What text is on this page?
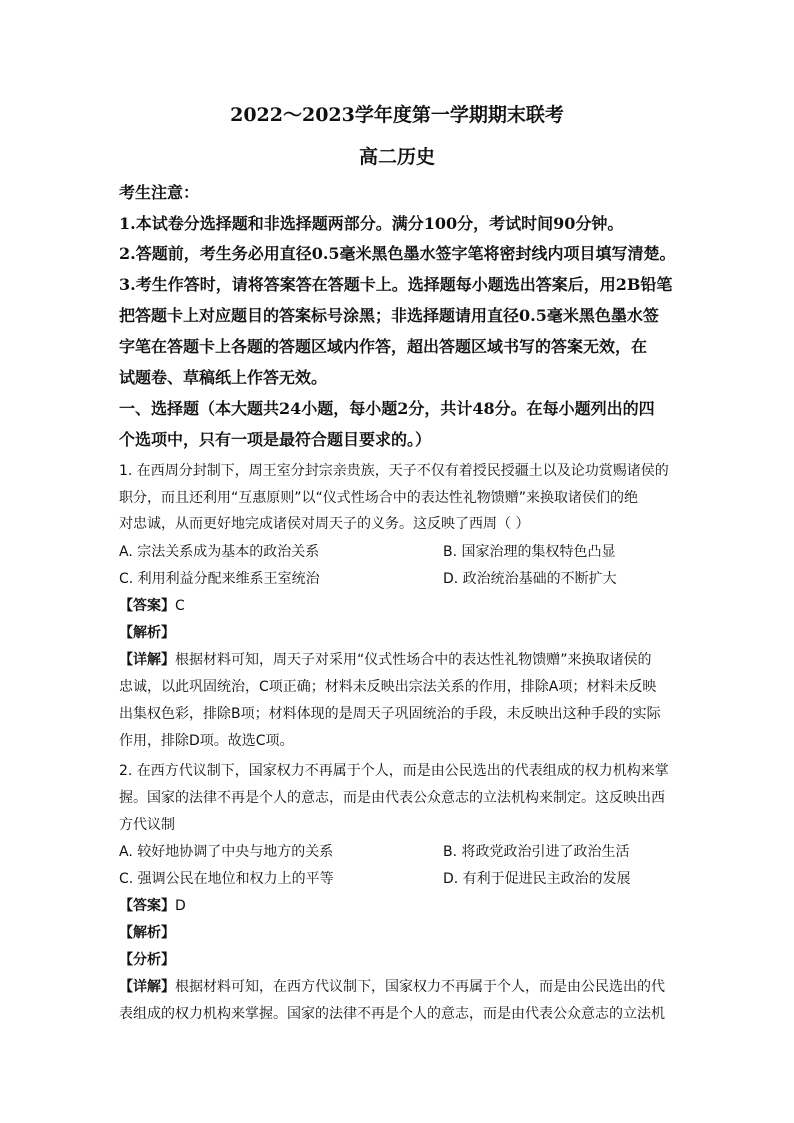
2022～2023学年度第一学期期末联考
高二历史
考生注意：
1.本试卷分选择题和非选择题两部分。满分100分，考试时间90分钟。
2.答题前，考生务必用直径0.5毫米黑色墨水签字笔将密封线内项目填写清楚。
3.考生作答时，请将答案答在答题卡上。选择题每小题选出答案后，用2B铅笔
把答题卡上对应题目的答案标号涂黑；非选择题请用直径0.5毫米黑色墨水签
字笔在答题卡上各题的答题区域内作答，超出答题区域书写的答案无效，在
试题卷、草稿纸上作答无效。
一、选择题（本大题共24小题，每小题2分，共计48分。在每小题列出的四
个选项中，只有一项是最符合题目要求的。）
1. 在西周分封制下，周王室分封宗亲贵族，天子不仅有着授民授疆土以及论功赏赐诸侯的
职分，而且还利用“互惠原则”以“仪式性场合中的表达性礼物馈赠”来换取诸侯们的绝
对忠诚，从而更好地完成诸侯对周天子的义务。这反映了西周（ ）
A. 宗法关系成为基本的政治关系	B. 国家治理的集权特色凸显
C. 利用利益分配来维系王室统治	D. 政治统治基础的不断扩大
【答案】C
【解析】
【详解】根据材料可知，周天子对采用“仪式性场合中的表达性礼物馈赠”来换取诸侯的
忠诚，以此巩固统治，C项正确；材料未反映出宗法关系的作用，排除A项；材料未反映
出集权色彩，排除B项；材料体现的是周天子巩固统治的手段，未反映出这种手段的实际
作用，排除D项。故选C项。
2. 在西方代议制下，国家权力不再属于个人，而是由公民选出的代表组成的权力机构来掌
握。国家的法律不再是个人的意志，而是由代表公众意志的立法机构来制定。这反映出西
方代议制
A. 较好地协调了中央与地方的关系	B. 将政党政治引进了政治生活
C. 强调公民在地位和权力上的平等	D. 有利于促进民主政治的发展
【答案】D
【解析】
【分析】
【详解】根据材料可知，在西方代议制下，国家权力不再属于个人，而是由公民选出的代
表组成的权力机构来掌握。国家的法律不再是个人的意志，而是由代表公众意志的立法机
